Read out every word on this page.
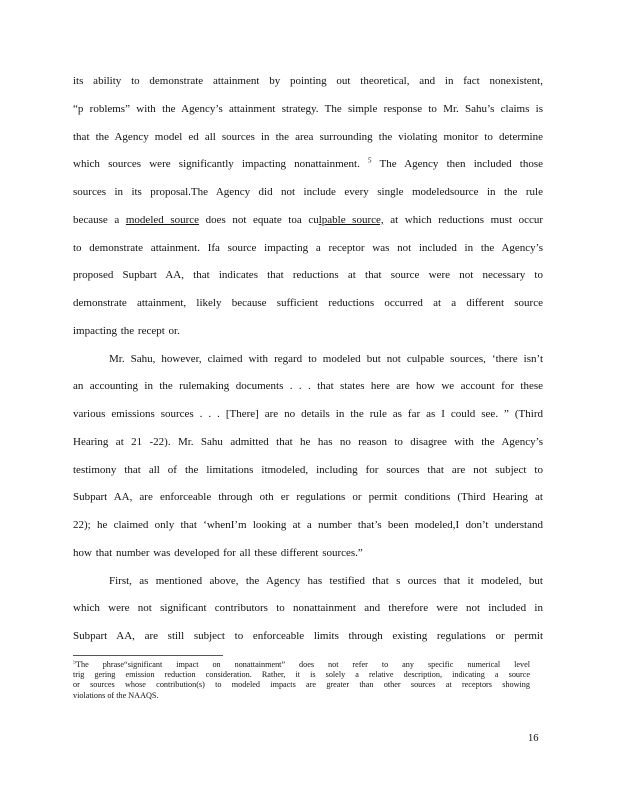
its ability to demonstrate attainment by pointing out theoretical, and in fact nonexistent,
“p roblems” with the Agency’s attainment strategy. The simple response to Mr. Sahu’s claims is
that the Agency model ed all sources in the area surrounding the violating monitor to determine
which sources were significantly impacting nonattainment. $^5$ The Agency then included those
sources in its proposal.The Agency did not include every single modeledsource in the rule
because a modeled source does not equate toa culpable source, at which reductions must occur
to demonstrate attainment. Ifa source impacting a receptor was not included in the Agency’s
proposed Supbart AA, that indicates that reductions at that source were not necessary to
demonstrate attainment, likely because sufficient reductions occurred at a different source
impacting the recept or.
Mr. Sahu, however, claimed with regard to modeled but not culpable sources, ‘there isn’t
an accounting in the rulemaking documents . . . that states here are how we account for these
various emissions sources . . . [There] are no details in the rule as far as I could see. ” (Third
Hearing at 21 -22). Mr. Sahu admitted that he has no reason to disagree with the Agency’s
testimony that all of the limitations itmodeled, including for sources that are not subject to
Subpart AA, are enforceable through oth er regulations or permit conditions (Third Hearing at
22); he claimed only that ‘whenI’m looking at a number that’s been modeled,I don’t understand
how that number was developed for all these different sources.”
First, as mentioned above, the Agency has testified that s ources that it modeled, but
which were not significant contributors to nonattainment and therefore were not included in
Subpart AA, are still subject to enforceable limits through existing regulations or permit
$^5$The phrase“significant impact on nonattainment” does not refer to any specific numerical level
trig gering emission reduction consideration. Rather, it is solely a relative description, indicating a source
or sources whose contribution(s) to modeled impacts are greater than other sources at receptors showing
violations of the NAAQS.
16
